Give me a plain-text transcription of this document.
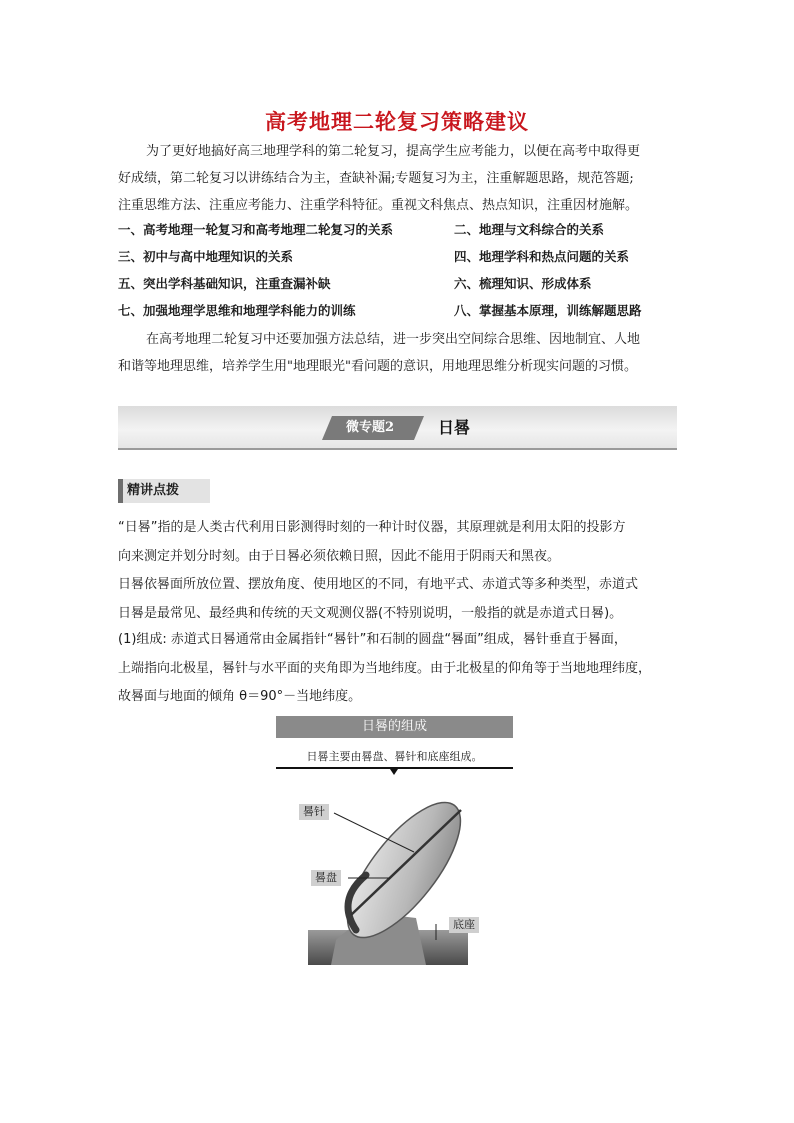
高考地理二轮复习策略建议
为了更好地搞好高三地理学科的第二轮复习，提高学生应考能力，以便在高考中取得更
好成绩，第二轮复习以讲练结合为主，查缺补漏;专题复习为主，注重解题思路，规范答题;
注重思维方法、注重应考能力、注重学科特征。重视文科焦点、热点知识，注重因材施解。
一、高考地理一轮复习和高考地理二轮复习的关系	二、地理与文科综合的关系
三、初中与高中地理知识的关系	四、地理学科和热点问题的关系
五、突出学科基础知识，注重查漏补缺	六、梳理知识、形成体系
七、加强地理学思维和地理学科能力的训练	八、掌握基本原理，训练解题思路
在高考地理二轮复习中还要加强方法总结，进一步突出空间综合思维、因地制宜、人地
和谐等地理思维，培养学生用"地理眼光"看问题的意识，用地理思维分析现实问题的习惯。
微专题2	日晷
精讲点拨
“日晷”指的是人类古代利用日影测得时刻的一种计时仪器，其原理就是利用太阳的投影方
向来测定并划分时刻。由于日晷必须依赖日照，因此不能用于阴雨天和黑夜。
日晷依晷面所放位置、摆放角度、使用地区的不同，有地平式、赤道式等多种类型，赤道式
日晷是最常见、最经典和传统的天文观测仪器(不特别说明，一般指的就是赤道式日晷)。
(1)组成: 赤道式日晷通常由金属指针“晷针”和石制的圆盘“晷面”组成，晷针垂直于晷面，
上端指向北极星，晷针与水平面的夹角即为当地纬度。由于北极星的仰角等于当地地理纬度，
故晷面与地面的倾角 θ＝90°－当地纬度。
日晷的组成
日晷主要由晷盘、晷针和底座组成。
晷针
晷盘
底座
